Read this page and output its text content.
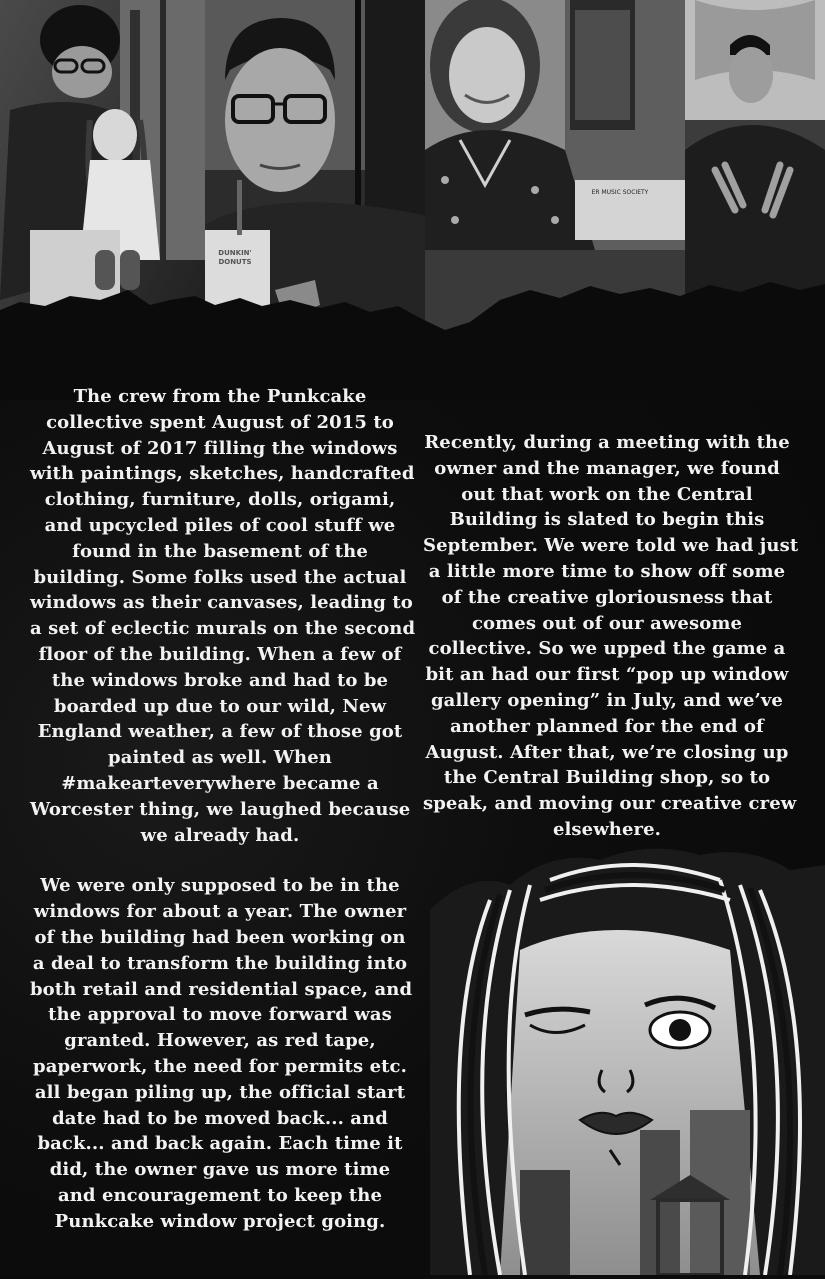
DUNKIN'
DONUTS
ER MUSIC SOCIETY

The crew from the Punkcake

collective spent August of 2015 to

August of 2017 filling the windows

with paintings, sketches, handcrafted

clothing, furniture, dolls, origami,

and upcycled piles of cool stuff we

found in the basement of the

building. Some folks used the actual

windows as their canvases, leading to

a set of eclectic murals on the second

floor of the building. When a few of

the windows broke and had to be

boarded up due to our wild, New

England weather, a few of those got

painted as well. When

#makearteverywhere became a

Worcester thing, we laughed because

we already had.

We were only supposed to be in the

windows for about a year. The owner

of the building had been working on

a deal to transform the building into

both retail and residential space, and

the approval to move forward was

granted. However, as red tape,

paperwork, the need for permits etc.

all began piling up, the official start

date had to be moved back... and

back... and back again. Each time it

did, the owner gave us more time

and encouragement to keep the

Punkcake window project going.

Recently, during a meeting with the

owner and the manager, we found

out that work on the Central

Building is slated to begin this

September. We were told we had just

a little more time to show off some

of the creative gloriousness that

comes out of our awesome

collective. So we upped the game a

bit an had our first “pop up window

gallery opening” in July, and we’ve

another planned for the end of

August. After that, we’re closing up

the Central Building shop, so to

speak, and moving our creative crew

elsewhere.
